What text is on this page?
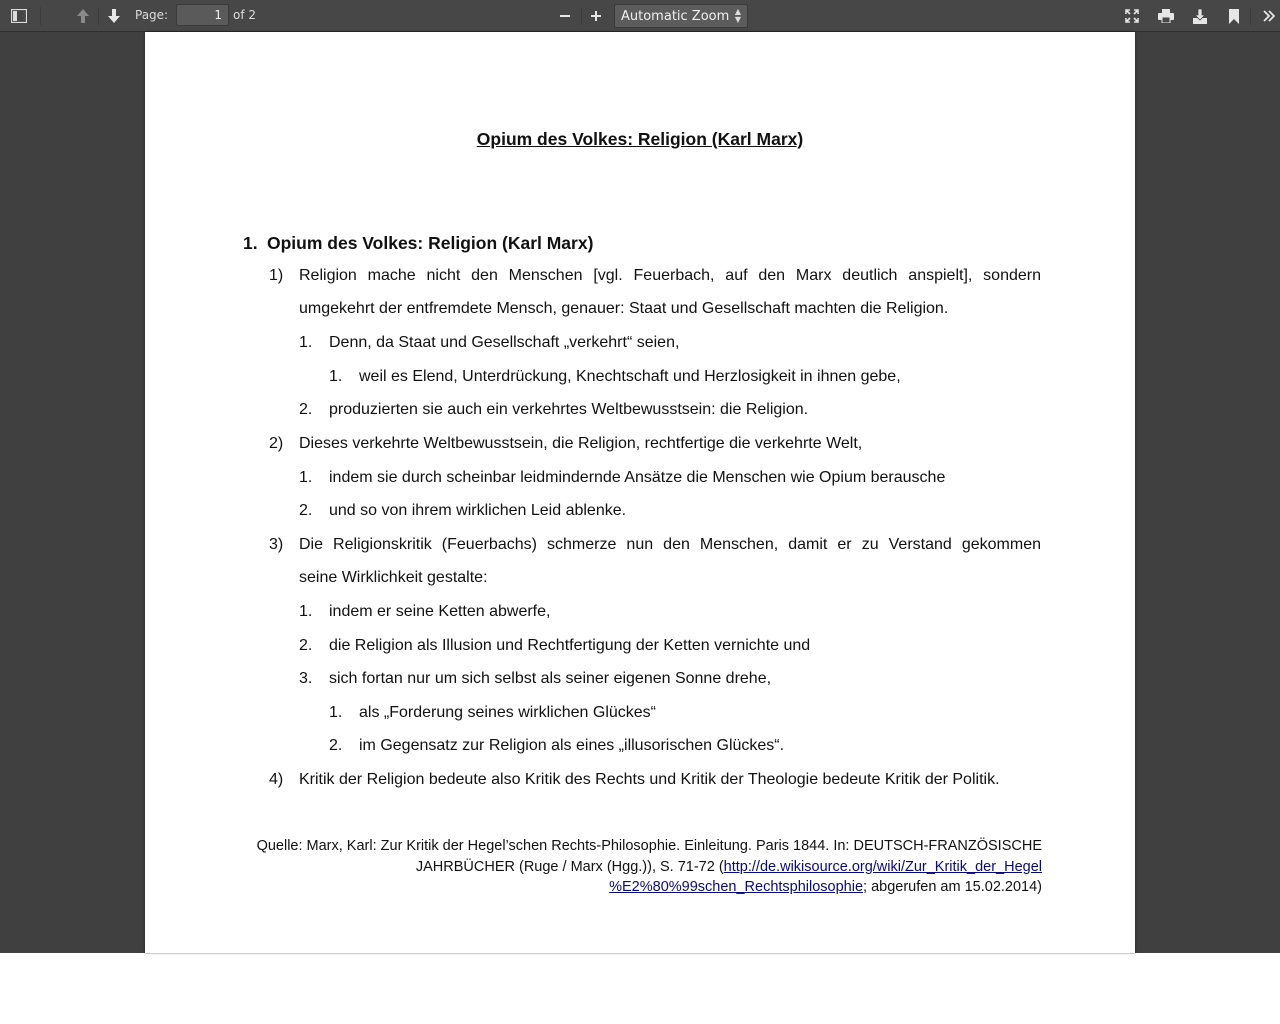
Page:
1	of 2	Automatic Zoom ▲
▼
Opium des Volkes: Religion (Karl Marx)
1. Opium des Volkes: Religion (Karl Marx)
1) Religion mache nicht den Menschen [vgl. Feuerbach, auf den Marx deutlich anspielt], sondern
umgekehrt der entfremdete Mensch, genauer: Staat und Gesellschaft machten die Religion.
1. Denn, da Staat und Gesellschaft „verkehrt“ seien,
1. weil es Elend, Unterdrückung, Knechtschaft und Herzlosigkeit in ihnen gebe,
2. produzierten sie auch ein verkehrtes Weltbewusstsein: die Religion.
2) Dieses verkehrte Weltbewusstsein, die Religion, rechtfertige die verkehrte Welt,
1. indem sie durch scheinbar leidmindernde Ansätze die Menschen wie Opium berausche
2. und so von ihrem wirklichen Leid ablenke.
3) Die Religionskritik (Feuerbachs) schmerze nun den Menschen, damit er zu Verstand gekommen
seine Wirklichkeit gestalte:
1. indem er seine Ketten abwerfe,
2. die Religion als Illusion und Rechtfertigung der Ketten vernichte und
3. sich fortan nur um sich selbst als seiner eigenen Sonne drehe,
1. als „Forderung seines wirklichen Glückes“
2. im Gegensatz zur Religion als eines „illusorischen Glückes“.
4) Kritik der Religion bedeute also Kritik des Rechts und Kritik der Theologie bedeute Kritik der Politik.
Quelle: Marx, Karl: Zur Kritik der Hegel’schen Rechts-Philosophie. Einleitung. Paris 1844. In: DEUTSCH-FRANZÖSISCHE
JAHRBÜCHER (Ruge / Marx (Hgg.)), S. 71-72 (http://de.wikisource.org/wiki/Zur_Kritik_der_Hegel
%E2%80%99schen_Rechtsphilosophie; abgerufen am 15.02.2014)
